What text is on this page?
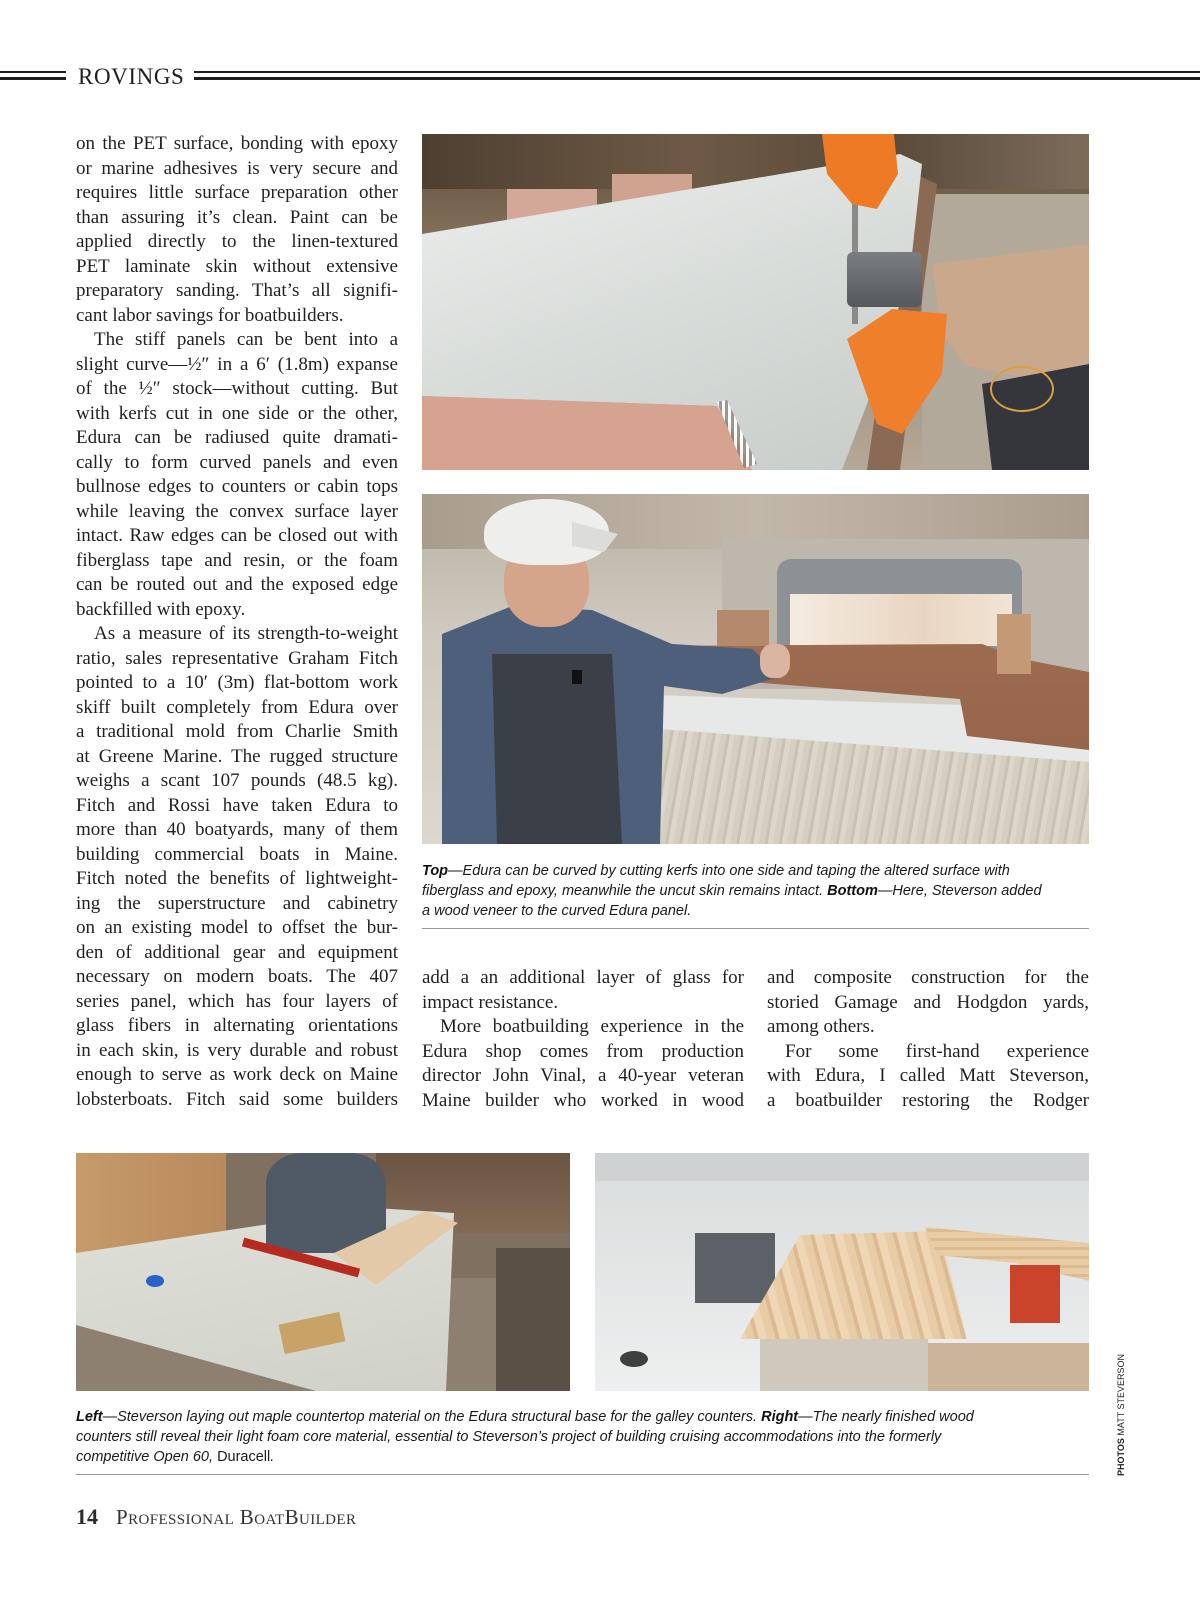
ROVINGS
on the PET surface, bonding with epoxy
or marine adhesives is very secure and
requires little surface preparation other
than assuring it’s clean. Paint can be
applied directly to the linen-textured
PET laminate skin without extensive
preparatory sanding. That’s all signifi-
cant labor savings for boatbuilders.
The stiff panels can be bent into a
slight curve—½″ in a 6′ (1.8m) expanse
of the ½″ stock—without cutting. But
with kerfs cut in one side or the other,
Edura can be radiused quite dramati-
cally to form curved panels and even
bullnose edges to counters or cabin tops
while leaving the convex surface layer
intact. Raw edges can be closed out with
fiberglass tape and resin, or the foam
can be routed out and the exposed edge
backfilled with epoxy.
As a measure of its strength-to-weight
ratio, sales representative Graham Fitch
pointed to a 10′ (3m) flat-bottom work
skiff built completely from Edura over
a traditional mold from Charlie Smith
at Greene Marine. The rugged structure
weighs a scant 107 pounds (48.5 kg).
Fitch and Rossi have taken Edura to
more than 40 boatyards, many of them
building commercial boats in Maine.
Fitch noted the benefits of lightweight-
ing the superstructure and cabinetry
on an existing model to offset the bur-
den of additional gear and equipment
necessary on modern boats. The 407
series panel, which has four layers of
glass fibers in alternating orientations
in each skin, is very durable and robust
enough to serve as work deck on Maine
lobsterboats. Fitch said some builders
Top—Edura can be curved by cutting kerfs into one side and taping the altered surface with
fiberglass and epoxy, meanwhile the uncut skin remains intact. Bottom—Here, Steverson added
a wood veneer to the curved Edura panel.
add a an additional layer of glass for
impact resistance.
More boatbuilding experience in the
Edura shop comes from production
director John Vinal, a 40-year veteran
Maine builder who worked in wood
and composite construction for the
storied Gamage and Hodgdon yards,
among others.
For some first-hand experience
with Edura, I called Matt Steverson,
a boatbuilder restoring the Rodger
Left—Steverson laying out maple countertop material on the Edura structural base for the galley counters. Right—The nearly finished wood
counters still reveal their light foam core material, essential to Steverson’s project of building cruising accommodations into the formerly
competitive Open 60, Duracell.	PHOTOS MATT STEVERSON
14 Professional BoatBuilder
